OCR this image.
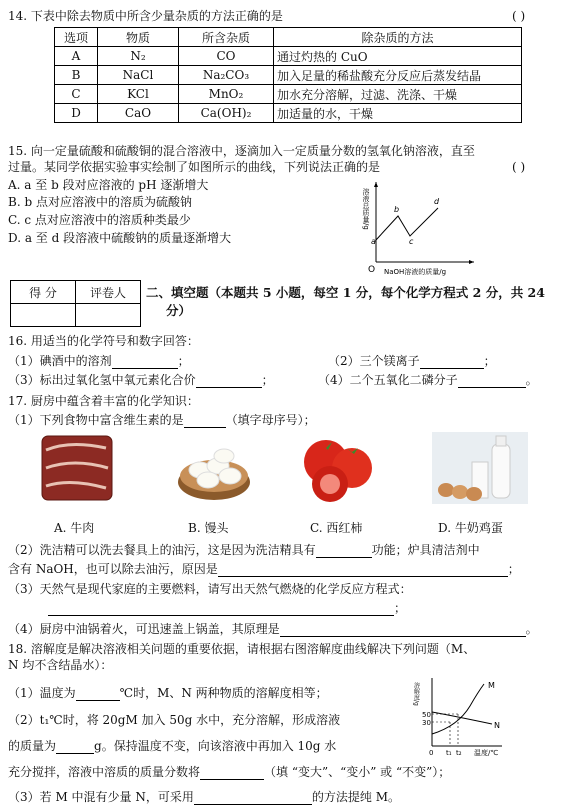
14. 下表中除去物质中所含少量杂质的方法正确的是	( )
选项	物质	所含杂质	除杂质的方法
A	N₂	CO	通过灼热的 CuO
B	NaCl	Na₂CO₃	加入足量的稀盐酸充分反应后蒸发结晶
C	KCl	MnO₂	加水充分溶解，过滤、洗涤、干燥
D	CaO	Ca(OH)₂	加适量的水，干燥
15. 向一定量硫酸和硫酸铜的混合溶液中，逐滴加入一定质量分数的氢氧化钠溶液，直至
过量。某同学依据实验事实绘制了如图所示的曲线，下列说法正确的是	( )
A. a 至 b 段对应溶液的 pH 逐渐增大
B. b 点对应溶液中的溶质为硫酸钠
C. c 点对应溶液中的溶质种类最少
D. a 至 d 段溶液中硫酸钠的质量逐渐增大
溶液总质量/g
O NaOH溶液的质量/g
a
b
c
d
得 分	评卷人
	二、填空题（本题共 5 小题，每空 1 分，每个化学方程式 2 分，共 24
分）
16. 用适当的化学符号和数字回答：
（1）碘酒中的溶剂	；	（2）三个镁离子	；
（3）标出过氧化氢中氧元素化合价	；	（4）二个五氧化二磷分子	。
17. 厨房中蕴含着丰富的化学知识：
（1）下列食物中富含维生素的是	（填字母序号）；
A. 牛肉	B. 馒头	C. 西红柿	D. 牛奶鸡蛋
（2）洗洁精可以洗去餐具上的油污，这是因为洗洁精具有	功能；炉具清洁剂中
含有 NaOH，也可以除去油污，原因是	；
（3）天然气是现代家庭的主要燃料，请写出天然气燃烧的化学反应方程式：
；
（4）厨房中油锅着火，可迅速盖上锅盖，其原理是	。
18. 溶解度是解决溶液相关问题的重要依据，请根据右图溶解度曲线解决下列问题（M、
N 均不含结晶水）：
（1）温度为	℃时，M、N 两种物质的溶解度相等；
（2）t₁℃时，将 20gM 加入 50g 水中，充分溶解，形成溶液
的质量为	g。保持温度不变，向该溶液中再加入 10g 水
充分搅拌，溶液中溶质的质量分数将	（填 “变大”、“变小” 或 “不变”）；
（3）若 M 中混有少量 N，可采用	的方法提纯 M。
溶解度/g
50
30
0 t₁ t₂ 温度/℃
M
N
